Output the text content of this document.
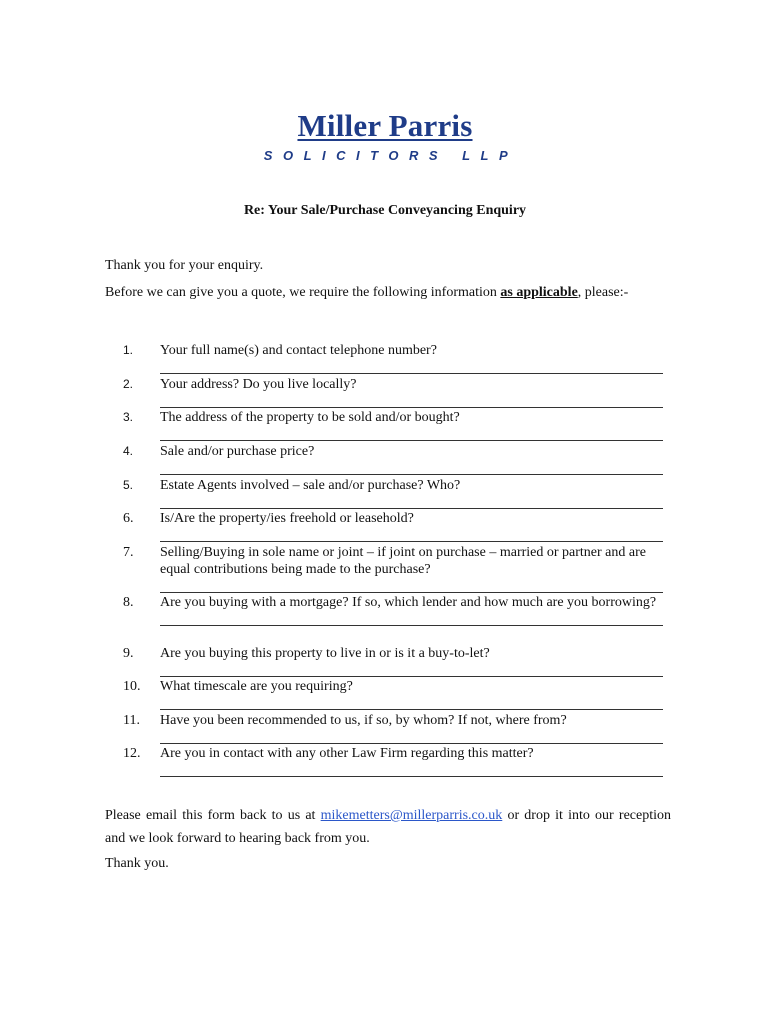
Miller Parris
SOLICITORS LLP
Re: Your Sale/Purchase Conveyancing Enquiry
Thank you for your enquiry.
Before we can give you a quote, we require the following information as applicable, please:-
1.	Your full name(s) and contact telephone number?
2.	Your address? Do you live locally?
3.	The address of the property to be sold and/or bought?
4.	Sale and/or purchase price?
5.	Estate Agents involved – sale and/or purchase? Who?
6.	Is/Are the property/ies freehold or leasehold?
7.	Selling/Buying in sole name or joint – if joint on purchase – married or partner and are equal contributions being made to the purchase?
8.	Are you buying with a mortgage? If so, which lender and how much are you borrowing?
9.	Are you buying this property to live in or is it a buy-to-let?
10.	What timescale are you requiring?
11.	Have you been recommended to us, if so, by whom? If not, where from?
12.	Are you in contact with any other Law Firm regarding this matter?
Please email this form back to us at mikemetters@millerparris.co.uk or drop it into our reception and we look forward to hearing back from you.
Thank you.
